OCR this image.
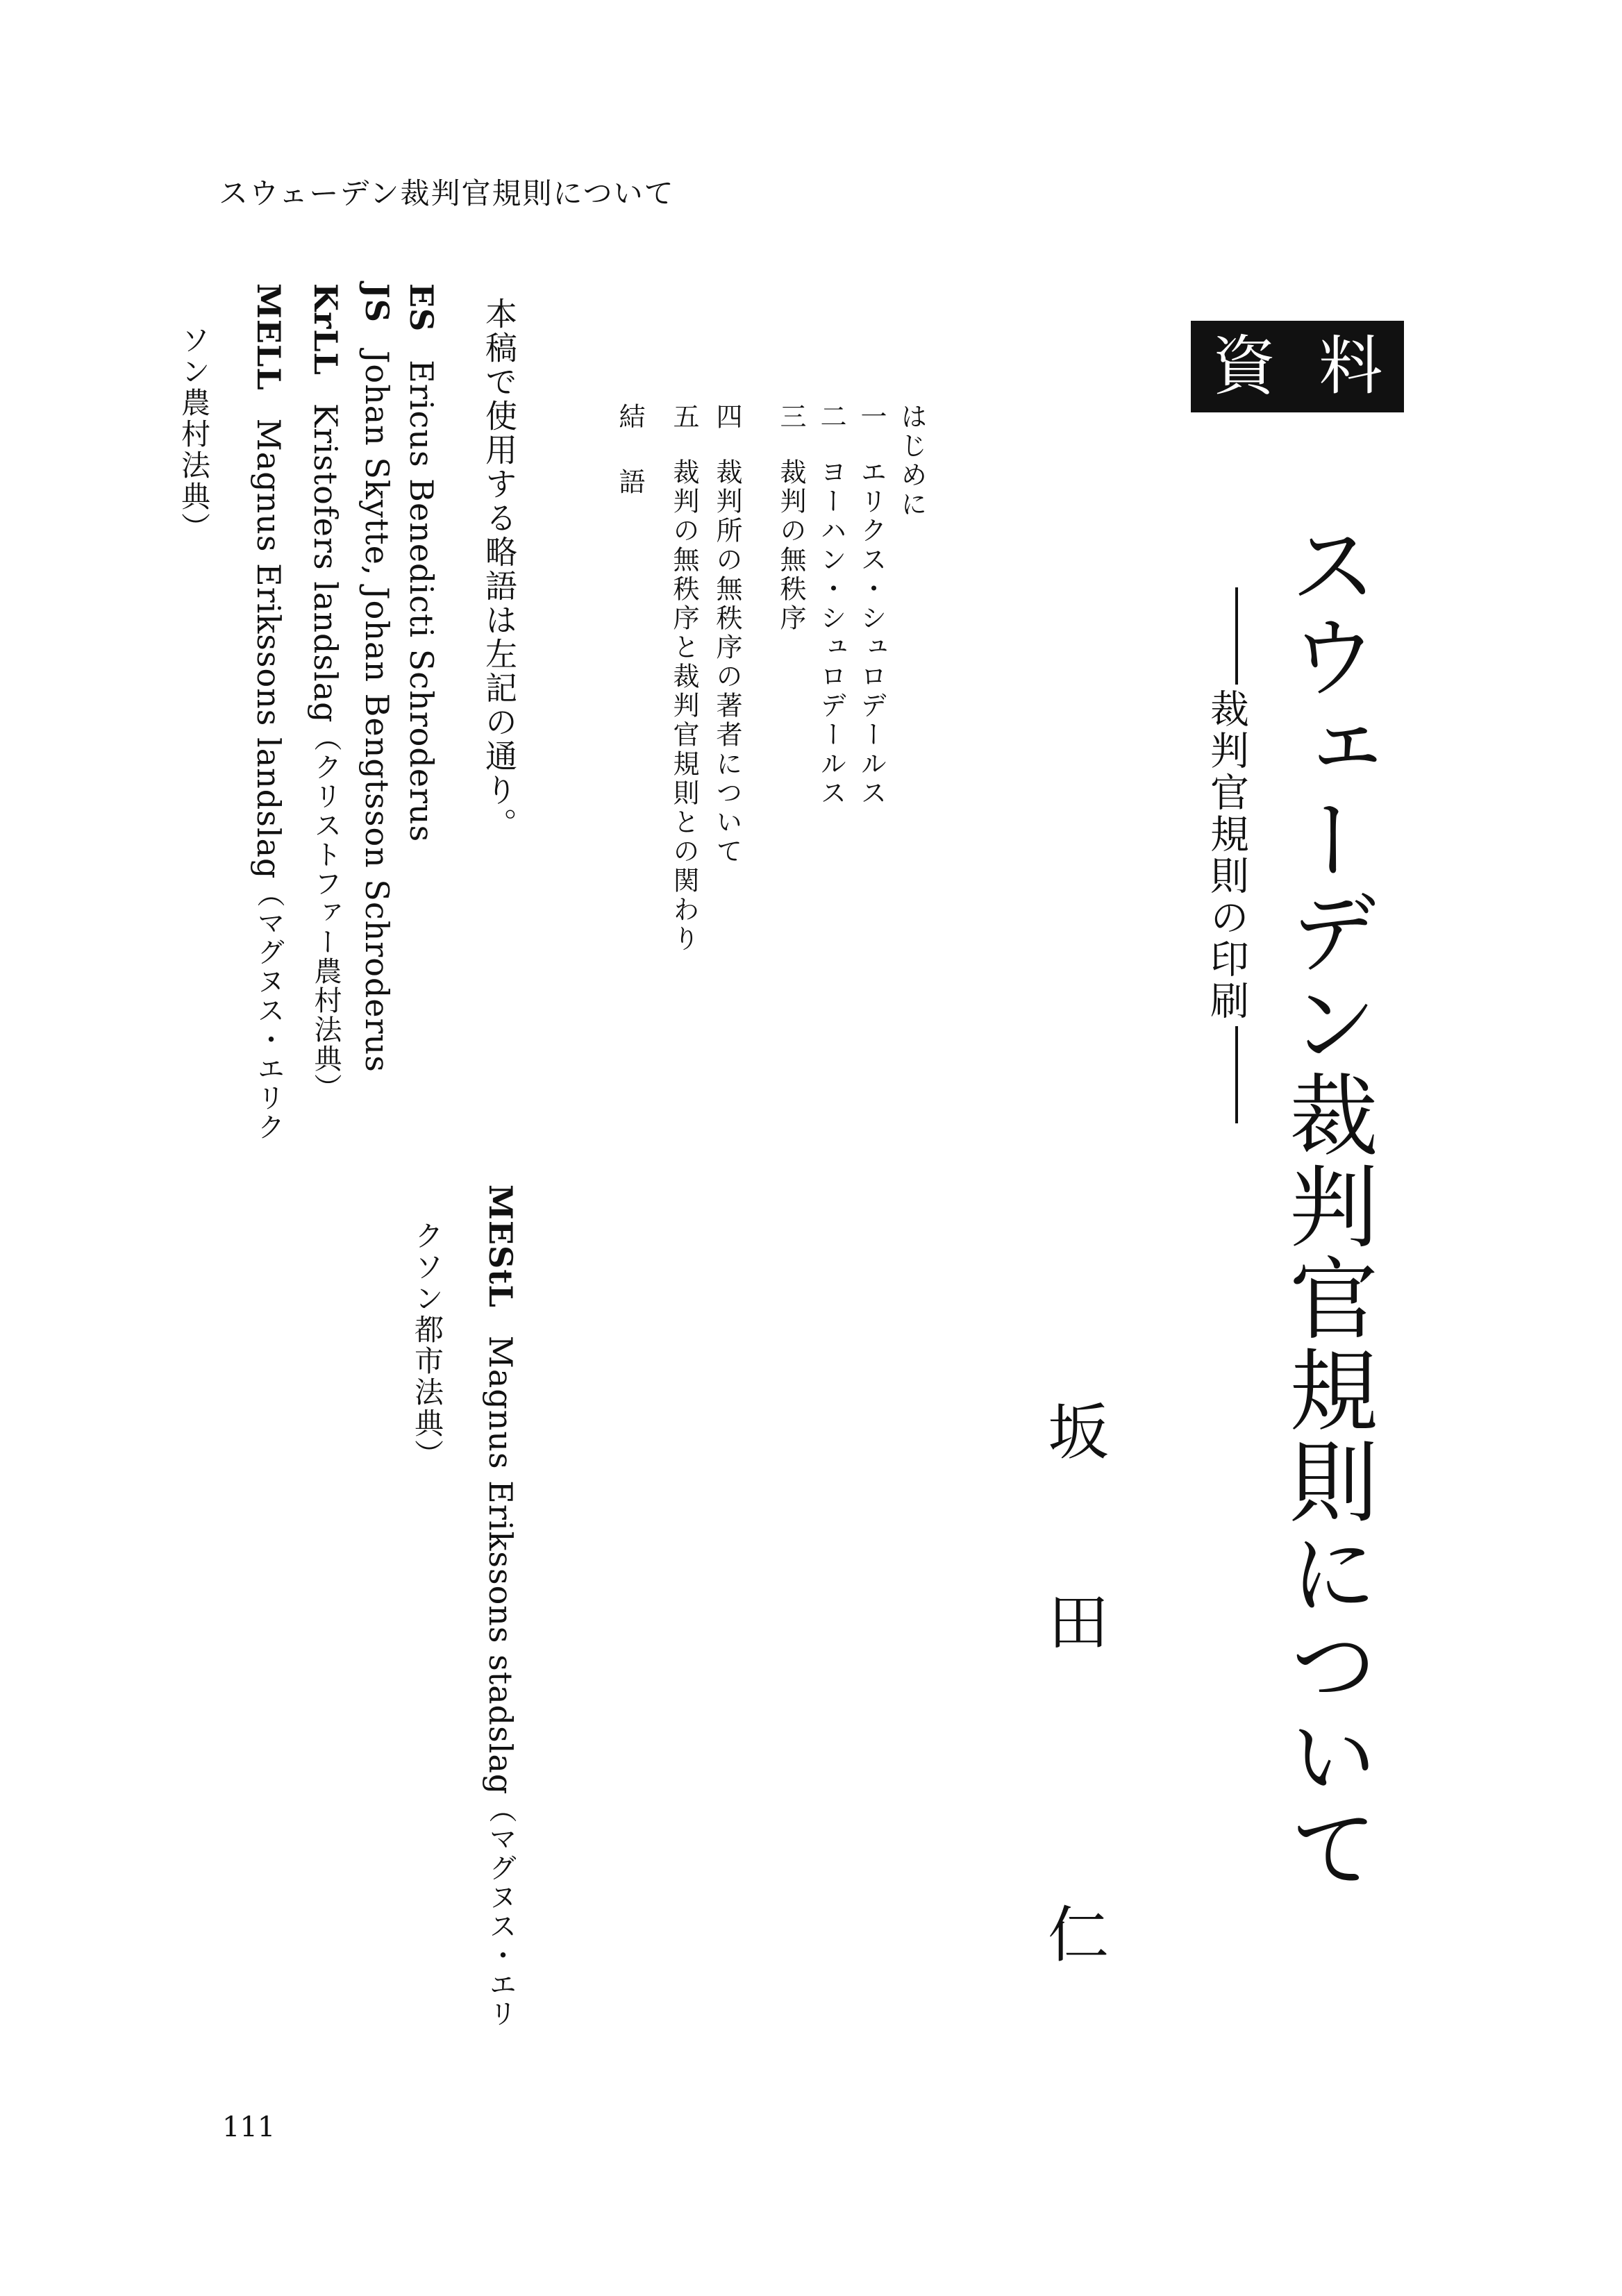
スウェーデン裁判官規則について
資 料
スウェーデン裁判官規則について
裁判官規則の印刷
坂
田
仁
はじめに
一エリクス・シュロデールス
二ヨーハン・シュロデールス
三裁判の無秩序
四裁判所の無秩序の著者について
五裁判の無秩序と裁判官規則との関わり
結語
本稿で使用する略語は左記の通り。
ESEricus Benedicti Schroderus
JSJohan Skytte, Johan Bengtsson Schroderus
KrLLKristofers landslag（クリストファー農村法典）
MELLMagnus Erikssons landslag（マグヌス・エリク
ソン農村法典）
MEStLMagnus Erikssons stadslag（マグヌス・エリ
クソン都市法典）
111
